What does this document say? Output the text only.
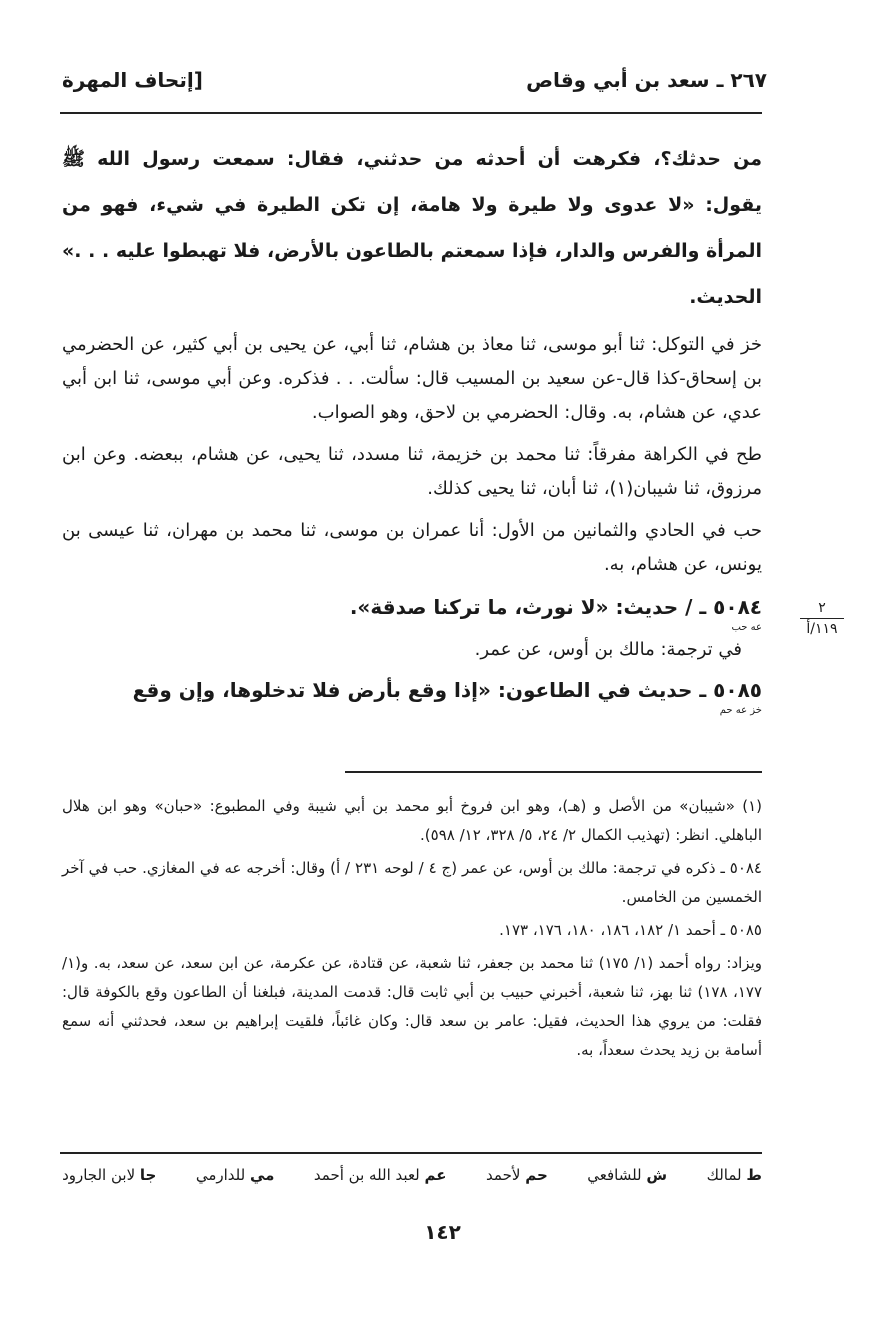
٢٦٧ ـ سعد بن أبي وقاص
[إتحاف المهرة

من حدثك؟، فكرهت أن أحدثه من حدثني، فقال: سمعت رسول الله ﷺ يقول: «لا عدوى ولا طيرة ولا هامة، إن تكن الطيرة في شيء، فهو من المرأة والفرس والدار، فإذا سمعتم بالطاعون بالأرض، فلا تهبطوا عليه . . .» الحديث.

خز في التوكل: ثنا أبو موسى، ثنا معاذ بن هشام، ثنا أبي، عن يحيى بن أبي كثير، عن الحضرمي بن إسحاق-كذا قال-عن سعيد بن المسيب قال: سألت. . . فذكره. وعن أبي موسى، ثنا ابن أبي عدي، عن هشام، به. وقال: الحضرمي بن لاحق، وهو الصواب.

طح في الكراهة مفرقاً: ثنا محمد بن خزيمة، ثنا مسدد، ثنا يحيى، عن هشام، ببعضه. وعن ابن مرزوق، ثنا شيبان(١)، ثنا أبان، ثنا يحيى كذلك.

حب في الحادي والثمانين من الأول: أنا عمران بن موسى، ثنا محمد بن مهران، ثنا عيسى بن يونس، عن هشام، به.

٥٠٨٤ ـ / حديث: «لا نورث، ما تركنا صدقة».

عه حب

في ترجمة: مالك بن أوس، عن عمر.

٥٠٨٥ ـ حديث في الطاعون: «إذا وقع بأرض فلا تدخلوها، وإن وقع

خز عه حم
٢
١١٩/أ

(١) «شيبان» من الأصل و (هـ)، وهو ابن فروخ أبو محمد بن أبي شيبة وفي المطبوع: «حبان» وهو ابن هلال الباهلي. انظر: (تهذيب الكمال ٢/ ٢٤، ٥/ ٣٢٨، ١٢/ ٥٩٨).

٥٠٨٤ ـ ذكره في ترجمة: مالك بن أوس، عن عمر (ج ٤ / لوحه ٢٣١ / أ) وقال: أخرجه عه في المغازي. حب في آخر الخمسين من الخامس.

٥٠٨٥ ـ أحمد ١/ ١٨٢، ١٨٦، ١٨٠، ١٧٦، ١٧٣.

ويزاد: رواه أحمد (١/ ١٧٥) ثنا محمد بن جعفر، ثنا شعبة، عن قتادة، عن عكرمة، عن ابن سعد، عن سعد، به. و(١/ ١٧٧، ١٧٨) ثنا بهز، ثنا شعبة، أخبرني حبيب بن أبي ثابت قال: قدمت المدينة، فبلغنا أن الطاعون وقع بالكوفة قال: فقلت: من يروي هذا الحديث، فقيل: عامر بن سعد قال: وكان غائباً، فلقيت إبراهيم بن سعد، فحدثني أنه سمع أسامة بن زيد يحدث سعداً، به.

ط لمالك
ش للشافعي
حم لأحمد
عم لعبد الله بن أحمد
مي للدارمي
جا لابن الجارود
١٤٢
